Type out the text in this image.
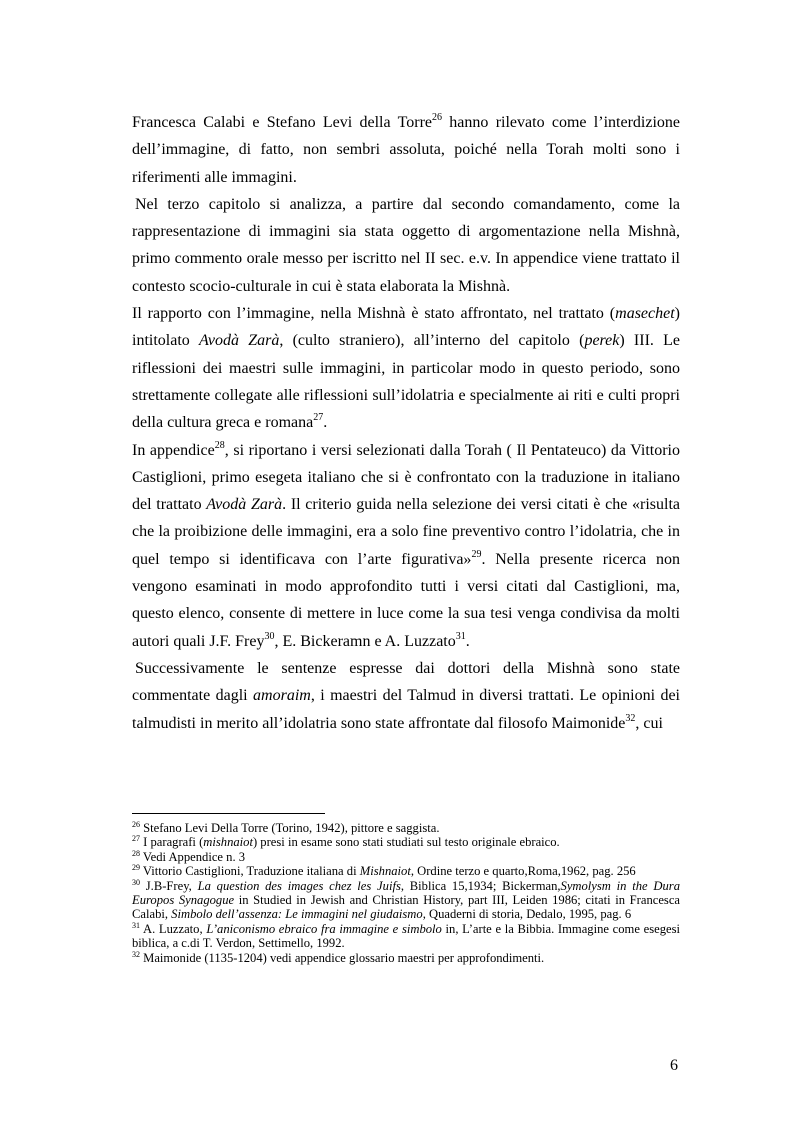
Francesca Calabi e Stefano Levi della Torre$^{26}$ hanno rilevato come l’interdizione dell’immagine, di fatto, non sembri assoluta, poiché nella Torah molti sono i riferimenti alle immagini.

Nel terzo capitolo si analizza, a partire dal secondo comandamento, come la rappresentazione di immagini sia stata oggetto di argomentazione nella Mishnà, primo commento orale messo per iscritto nel II sec. e.v. In appendice viene trattato il contesto scocio-culturale in cui è stata elaborata la Mishnà.

Il rapporto con l’immagine, nella Mishnà è stato affrontato, nel trattato (masechet) intitolato Avodà Zarà, (culto straniero), all’interno del capitolo (perek) III. Le riflessioni dei maestri sulle immagini, in particolar modo in questo periodo, sono strettamente collegate alle riflessioni sull’idolatria e specialmente ai riti e culti propri della cultura greca e romana$^{27}$.

In appendice$^{28}$, si riportano i versi selezionati dalla Torah ( Il Pentateuco) da Vittorio Castiglioni, primo esegeta italiano che si è confrontato con la traduzione in italiano del trattato Avodà Zarà. Il criterio guida nella selezione dei versi citati è che «risulta che la proibizione delle immagini, era a solo fine preventivo contro l’idolatria, che in quel tempo si identificava con l’arte figurativa»$^{29}$. Nella presente ricerca non vengono esaminati in modo approfondito tutti i versi citati dal Castiglioni, ma, questo elenco, consente di mettere in luce come la sua tesi venga condivisa da molti autori quali J.F. Frey$^{30}$, E. Bickeramn e A. Luzzato$^{31}$.

Successivamente le sentenze espresse dai dottori della Mishnà sono state commentate dagli amoraim, i maestri del Talmud in diversi trattati. Le opinioni dei talmudisti in merito all’idolatria sono state affrontate dal filosofo Maimonide$^{32}$, cui

$^{26}$ Stefano Levi Della Torre (Torino, 1942), pittore e saggista.
$^{27}$ I paragrafi (mishnaiot) presi in esame sono stati studiati sul testo originale ebraico.
$^{28}$ Vedi Appendice n. 3
$^{29}$ Vittorio Castiglioni, Traduzione italiana di Mishnaiot, Ordine terzo e quarto,Roma,1962, pag. 256
$^{30}$ J.B-Frey, La question des images chez les Juifs, Biblica 15,1934; Bickerman,Symolysm in the Dura Europos Synagogue in Studied in Jewish and Christian History, part III, Leiden 1986; citati in Francesca Calabi, Simbolo dell’assenza: Le immagini nel giudaismo, Quaderni di storia, Dedalo, 1995, pag. 6
$^{31}$ A. Luzzato, L’aniconismo ebraico fra immagine e simbolo in, L’arte e la Bibbia. Immagine come esegesi biblica, a c.di T. Verdon, Settimello, 1992.
$^{32}$ Maimonide (1135-1204) vedi appendice glossario maestri per approfondimenti.
6
